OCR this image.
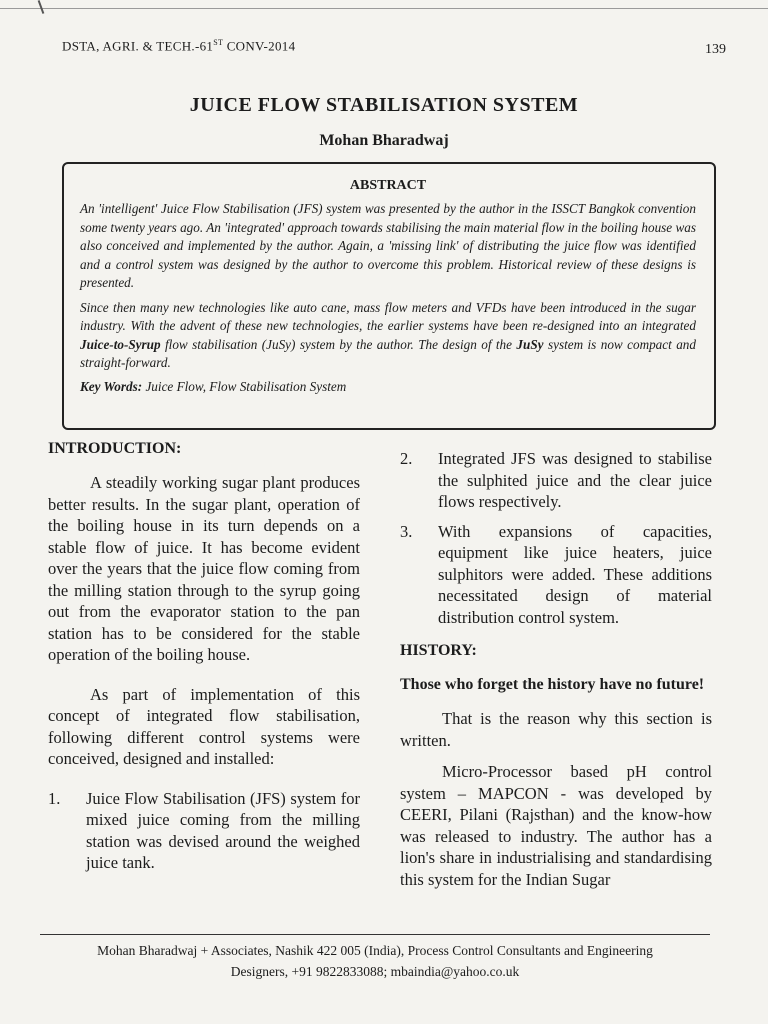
DSTA, AGRI. & TECH.-61ST CONV-2014	139
JUICE FLOW STABILISATION SYSTEM
Mohan Bharadwaj
ABSTRACT

An 'intelligent' Juice Flow Stabilisation (JFS) system was presented by the author in the ISSCT Bangkok convention some twenty years ago. An 'integrated' approach towards stabilising the main material flow in the boiling house was also conceived and implemented by the author. Again, a 'missing link' of distributing the juice flow was identified and a control system was designed by the author to overcome this problem. Historical review of these designs is presented.

Since then many new technologies like auto cane, mass flow meters and VFDs have been introduced in the sugar industry. With the advent of these new technologies, the earlier systems have been re-designed into an integrated Juice-to-Syrup flow stabilisation (JuSy) system by the author. The design of the JuSy system is now compact and straight-forward.

Key Words: Juice Flow, Flow Stabilisation System
INTRODUCTION:

A steadily working sugar plant produces better results. In the sugar plant, operation of the boiling house in its turn depends on a stable flow of juice. It has become evident over the years that the juice flow coming from the milling station through to the syrup going out from the evaporator station to the pan station has to be considered for the stable operation of the boiling house.

As part of implementation of this concept of integrated flow stabilisation, following different control systems were conceived, designed and installed:

1.	Juice Flow Stabilisation (JFS) system for mixed juice coming from the milling station was devised around the weighed juice tank.
2.	Integrated JFS was designed to stabilise the sulphited juice and the clear juice flows respectively.
3.	With expansions of capacities, equipment like juice heaters, juice sulphitors were added. These additions necessitated design of material distribution control system.
HISTORY:
Those who forget the history have no future!

That is the reason why this section is written.

Micro-Processor based pH control system – MAPCON - was developed by CEERI, Pilani (Rajsthan) and the know-how was released to industry. The author has a lion's share in industrialising and standardising this system for the Indian Sugar

Mohan Bharadwaj + Associates, Nashik 422 005 (India), Process Control Consultants and Engineering
Designers, +91 9822833088; mbaindia@yahoo.co.uk
